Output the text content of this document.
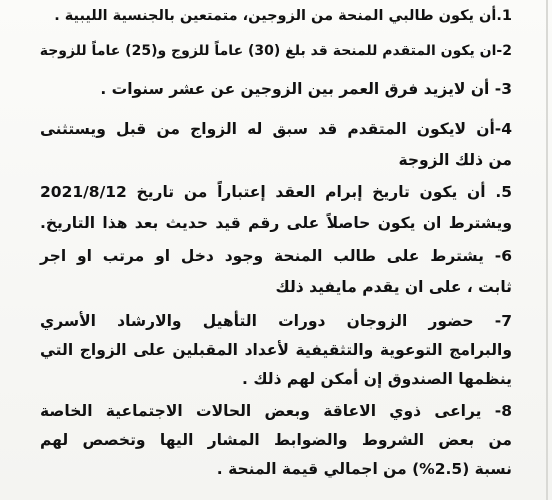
1.أن يكون طالبي المنحة من الزوجين، متمتعين بالجنسية الليبية .
2-ان يكون المتقدم للمنحة قد بلغ (30) عاماً للزوج و(25) عاماً للزوجة
3- أن لايزيد فرق العمر بين الزوجين عن عشر سنوات .
4-أن لايكون المتقدم قد سبق له الزواج من قبل ويستثنى
من ذلك الزوجة
5. أن يكون تاريخ إبرام العقد إعتباراً من تاريخ 2021/8/12
ويشترط ان يكون حاصلاً على رقم قيد حديث بعد هذا التاريخ.
6- يشترط على طالب المنحة وجود دخل او مرتب او اجر
ثابت ، على ان يقدم مايفيد ذلك
7- حضور الزوجان دورات التأهيل والارشاد الأسري
والبرامج التوعوية والتثقيفية لأعداد المقبلين على الزواج التي
ينظمها الصندوق إن أمكن لهم ذلك .
8- يراعى ذوي الاعاقة وبعض الحالات الاجتماعية الخاصة
من بعض الشروط والضوابط المشار اليها وتخصص لهم
نسبة (2.5%) من اجمالي قيمة المنحة .
